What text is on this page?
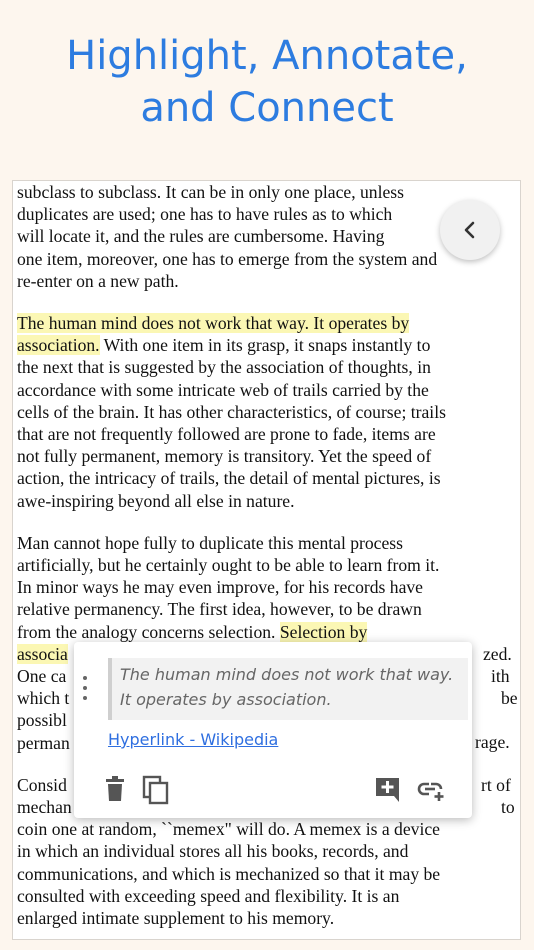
Highlight, Annotate,
and Connect

subclass to subclass. It can be in only one place, unless
duplicates are used; one has to have rules as to which
will locate it, and the rules are cumbersome. Having
one item, moreover, one has to emerge from the system and
re-enter on a new path.

The human mind does not work that way. It operates by
association. With one item in its grasp, it snaps instantly to
the next that is suggested by the association of thoughts, in
accordance with some intricate web of trails carried by the
cells of the brain. It has other characteristics, of course; trails
that are not frequently followed are prone to fade, items are
not fully permanent, memory is transitory. Yet the speed of
action, the intricacy of trails, the detail of mental pictures, is
awe-inspiring beyond all else in nature.

Man cannot hope fully to duplicate this mental process
artificially, but he certainly ought to be able to learn from it.
In minor ways he may even improve, for his records have
relative permanency. The first idea, however, to be drawn
from the analogy concerns selection. Selection by
associa
One ca
which t
possibl
perman
zed.
ith
be
rage.

Consid
mechan
coin one at random, ``memex" will do. A memex is a device
in which an individual stores all his books, records, and
communications, and which is mechanized so that it may be
consulted with exceeding speed and flexibility. It is an
enlarged intimate supplement to his memory.
rt of
to

The human mind does not work that way. It operates by association.
Hyperlink - Wikipedia
